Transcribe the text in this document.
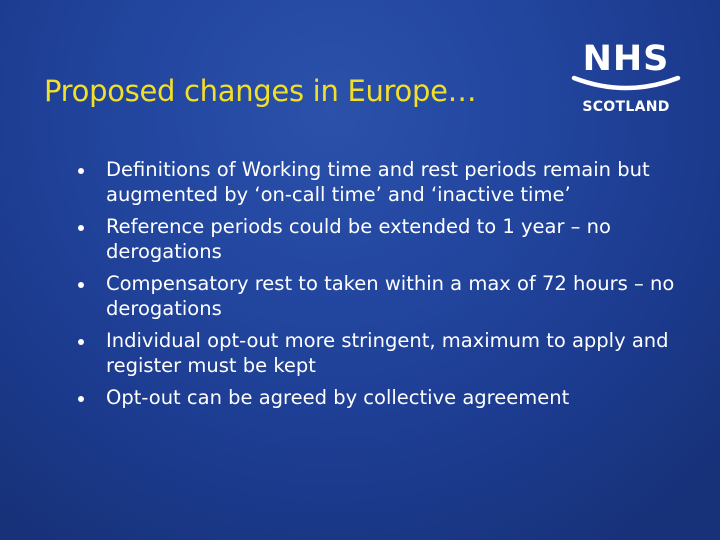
Proposed changes in Europe…
NHS
SCOTLAND
Definitions of Working time and rest periods remain but augmented by ‘on-call time’ and ‘inactive time’
Reference periods could be extended to 1 year – no derogations
Compensatory rest to taken within a max of 72 hours – no derogations
Individual opt-out more stringent, maximum to apply and register must be kept
Opt-out can be agreed by collective agreement
